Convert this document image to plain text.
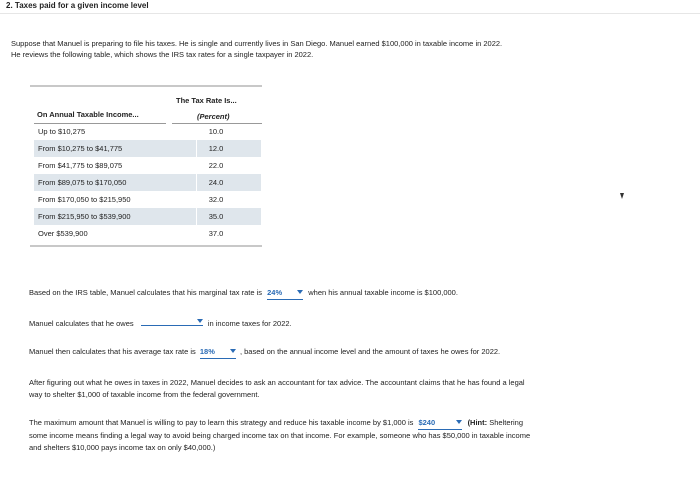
2. Taxes paid for a given income level
Suppose that Manuel is preparing to file his taxes. He is single and currently lives in San Diego. Manuel earned $100,000 in taxable income in 2022.
He reviews the following table, which shows the IRS tax rates for a single taxpayer in 2022.
The Tax Rate Is...
On Annual Taxable Income...	(Percent)
Up to $10,275	10.0
From $10,275 to $41,775	12.0
From $41,775 to $89,075	22.0
From $89,075 to $170,050	24.0
From $170,050 to $215,950	32.0
From $215,950 to $539,900	35.0
Over $539,900	37.0
Based on the IRS table, Manuel calculates that his marginal tax rate is 24%	when his annual taxable income is $100,000.
Manuel calculates that he owes	in income taxes for 2022.
Manuel then calculates that his average tax rate is 18%	, based on the annual income level and the amount of taxes he owes for 2022.
After figuring out what he owes in taxes in 2022, Manuel decides to ask an accountant for tax advice. The accountant claims that he has found a legal
way to shelter $1,000 of taxable income from the federal government.
The maximum amount that Manuel is willing to pay to learn this strategy and reduce his taxable income by $1,000 is $240	(Hint: Sheltering
some income means finding a legal way to avoid being charged income tax on that income. For example, someone who has $50,000 in taxable income
and shelters $10,000 pays income tax on only $40,000.)
